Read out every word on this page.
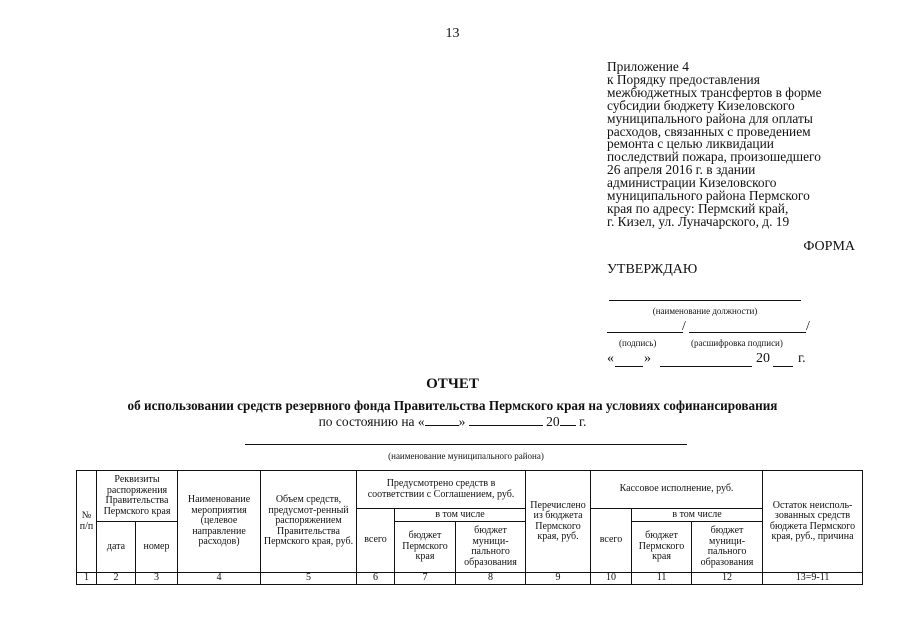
13
Приложение 4
к Порядку предоставления
межбюджетных трансфертов в форме
субсидии бюджету Кизеловского
муниципального района для оплаты
расходов, связанных с проведением
ремонта с целью ликвидации
последствий пожара, произошедшего
26 апреля 2016 г. в здании
администрации Кизеловского
муниципального района Пермского
края по адресу: Пермский край,
г. Кизел, ул. Луначарского, д. 19
ФОРМА
УТВЕРЖДАЮ
(наименование должности)
/	/
(подпись)	(расшифровка подписи)
« »	20 г.
ОТЧЕТ
об использовании средств резервного фонда Правительства Пермского края на условиях софинансирования
по состоянию на «	»	20 г.
(наименование муниципального района)
№ п/п	Реквизиты распоряжения Правительства Пермского края		Наименование мероприятия (целевое направление расходов)	Объем средств, предусмот-ренный распоряжением Правительства Пермского края, руб.	Предусмотрено средств в соответствии с Соглашением, руб.			Перечислено из бюджета Пермского края, руб.	Кассовое исполнение, руб.			Остаток неисполь-зованных средств бюджета Пермского края, руб., причина
					всего	в том числе			всего	в том числе		
	дата	номер				бюджет Пермского края	бюджет муници-пального образования			бюджет Пермского края	бюджет муници-пального образования	

1	2	3	4	5	6	7	8	9	10	11	12	13=9-11
